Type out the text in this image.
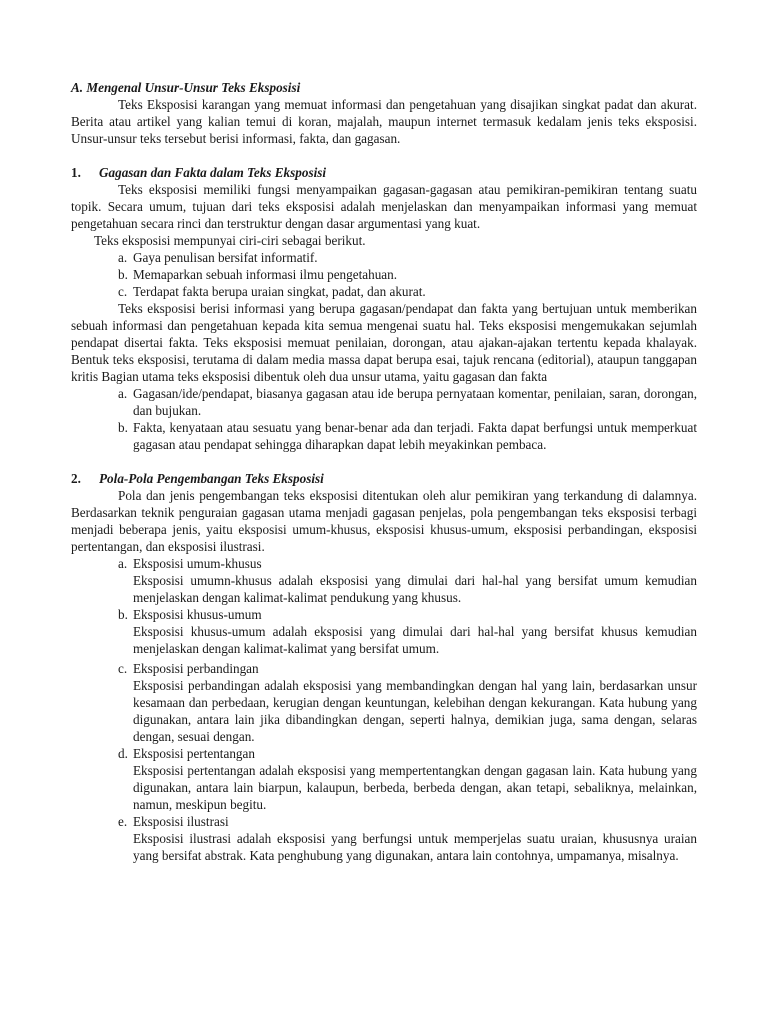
A. Mengenal Unsur-Unsur Teks Eksposisi

Teks Eksposisi karangan yang memuat informasi dan pengetahuan yang disajikan singkat padat dan akurat. Berita atau artikel yang kalian temui di koran, majalah, maupun internet termasuk kedalam jenis teks eksposisi. Unsur-unsur teks tersebut berisi informasi, fakta, dan gagasan.

1. Gagasan dan Fakta dalam Teks Eksposisi

Teks eksposisi memiliki fungsi menyampaikan gagasan-gagasan atau pemikiran-pemikiran tentang suatu topik. Secara umum, tujuan dari teks eksposisi adalah menjelaskan dan menyampaikan informasi yang memuat pengetahuan secara rinci dan terstruktur dengan dasar argumentasi yang kuat.

Teks eksposisi mempunyai ciri-ciri sebagai berikut.

a. Gaya penulisan bersifat informatif.
b. Memaparkan sebuah informasi ilmu pengetahuan.
c. Terdapat fakta berupa uraian singkat, padat, dan akurat.

Teks eksposisi berisi informasi yang berupa gagasan/pendapat dan fakta yang bertujuan untuk memberikan sebuah informasi dan pengetahuan kepada kita semua mengenai suatu hal. Teks eksposisi mengemukakan sejumlah pendapat disertai fakta. Teks eksposisi memuat penilaian, dorongan, atau ajakan-ajakan tertentu kepada khalayak. Bentuk teks eksposisi, terutama di dalam media massa dapat berupa esai, tajuk rencana (editorial), ataupun tanggapan kritis Bagian utama teks eksposisi dibentuk oleh dua unsur utama, yaitu gagasan dan fakta

a. Gagasan/ide/pendapat, biasanya gagasan atau ide berupa pernyataan komentar, penilaian, saran, dorongan, dan bujukan.
b. Fakta, kenyataan atau sesuatu yang benar-benar ada dan terjadi. Fakta dapat berfungsi untuk memperkuat gagasan atau pendapat sehingga diharapkan dapat lebih meyakinkan pembaca.
2. Pola-Pola Pengembangan Teks Eksposisi

Pola dan jenis pengembangan teks eksposisi ditentukan oleh alur pemikiran yang terkandung di dalamnya. Berdasarkan teknik penguraian gagasan utama menjadi gagasan penjelas, pola pengembangan teks eksposisi terbagi menjadi beberapa jenis, yaitu eksposisi umum-khusus, eksposisi khusus-umum, eksposisi perbandingan, eksposisi pertentangan, dan eksposisi ilustrasi.

a. Eksposisi umum-khusus
Eksposisi umumn-khusus adalah eksposisi yang dimulai dari hal-hal yang bersifat umum kemudian menjelaskan dengan kalimat-kalimat pendukung yang khusus.
b. Eksposisi khusus-umum
Eksposisi khusus-umum adalah eksposisi yang dimulai dari hal-hal yang bersifat khusus kemudian menjelaskan dengan kalimat-kalimat yang bersifat umum.
c. Eksposisi perbandingan
Eksposisi perbandingan adalah eksposisi yang membandingkan dengan hal yang lain, berdasarkan unsur kesamaan dan perbedaan, kerugian dengan keuntungan, kelebihan dengan kekurangan. Kata hubung yang digunakan, antara lain jika dibandingkan dengan, seperti halnya, demikian juga, sama dengan, selaras dengan, sesuai dengan.
d. Eksposisi pertentangan
Eksposisi pertentangan adalah eksposisi yang mempertentangkan dengan gagasan lain. Kata hubung yang digunakan, antara lain biarpun, kalaupun, berbeda, berbeda dengan, akan tetapi, sebaliknya, melainkan, namun, meskipun begitu.
e. Eksposisi ilustrasi
Eksposisi ilustrasi adalah eksposisi yang berfungsi untuk memperjelas suatu uraian, khususnya uraian yang bersifat abstrak. Kata penghubung yang digunakan, antara lain contohnya, umpamanya, misalnya.
